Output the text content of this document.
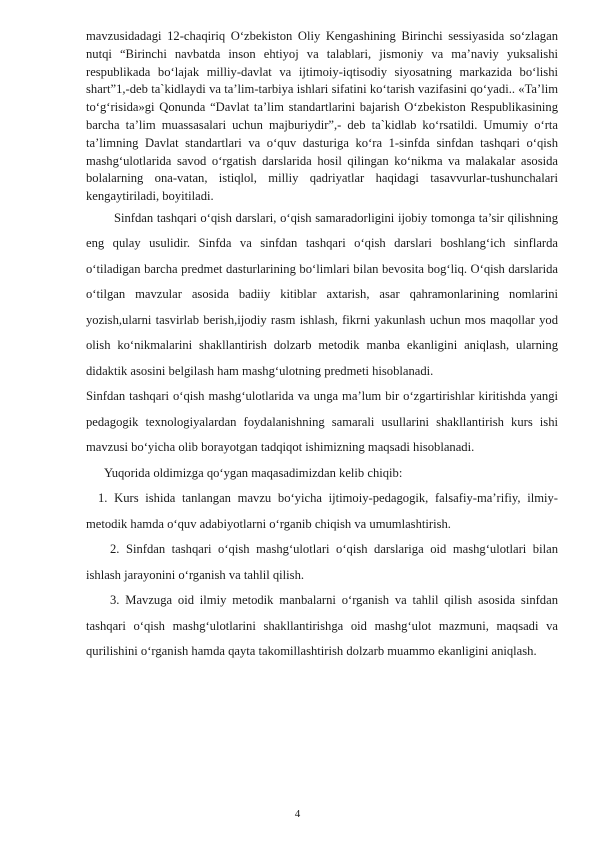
mavzusidadagi 12-chaqiriq O‘zbekiston Oliy Kengashining Birinchi sessiyasida so‘zlagan nutqi “Birinchi navbatda inson ehtiyoj va talablari, jismoniy va ma’naviy yuksalishi respublikada bo‘lajak milliy-davlat va ijtimoiy-iqtisodiy siyosatning markazida bo‘lishi shart”1,-deb ta`kidlaydi va ta’lim-tarbiya ishlari sifatini ko‘tarish vazifasini qo‘yadi.. «Ta’lim to‘g‘risida»gi Qonunda “Davlat ta’lim standartlarini bajarish O‘zbekiston Respublikasining barcha ta’lim muassasalari uchun majburiydir”,- deb ta`kidlab ko‘rsatildi. Umumiy o‘rta ta’limning Davlat standartlari va o‘quv dasturiga ko‘ra 1-sinfda sinfdan tashqari o‘qish mashg‘ulotlarida savod o‘rgatish darslarida hosil qilingan ko‘nikma va malakalar asosida bolalarning ona-vatan, istiqlol, milliy qadriyatlar haqidagi tasavvurlar-tushunchalari kengaytiriladi, boyitiladi.

Sinfdan tashqari o‘qish darslari, o‘qish samaradorligini ijobiy tomonga ta’sir qilishning eng qulay usulidir. Sinfda va sinfdan tashqari o‘qish darslari boshlang‘ich sinflarda o‘tiladigan barcha predmet dasturlarining bo‘limlari bilan bevosita bog‘liq. O‘qish darslarida o‘tilgan mavzular asosida badiiy kitiblar axtarish, asar qahramonlarining nomlarini yozish,ularni tasvirlab berish,ijodiy rasm ishlash, fikrni yakunlash uchun mos maqollar yod olish ko‘nikmalarini shakllantirish dolzarb metodik manba ekanligini aniqlash, ularning didaktik asosini belgilash ham mashg‘ulotning predmeti hisoblanadi.

Sinfdan tashqari o‘qish mashg‘ulotlarida va unga ma’lum bir o‘zgartirishlar kiritishda yangi pedagogik texnologiyalardan foydalanishning samarali usullarini shakllantirish kurs ishi mavzusi bo‘yicha olib borayotgan tadqiqot ishimizning maqsadi hisoblanadi.

Yuqorida oldimizga qo‘ygan maqasadimizdan kelib chiqib:

1. Kurs ishida tanlangan mavzu bo‘yicha ijtimoiy-pedagogik, falsafiy-ma’rifiy, ilmiy-metodik hamda o‘quv adabiyotlarni o‘rganib chiqish va umumlashtirish.

2. Sinfdan tashqari o‘qish mashg‘ulotlari o‘qish darslariga oid mashg‘ulotlari bilan ishlash jarayonini o‘rganish va tahlil qilish.

3. Mavzuga oid ilmiy metodik manbalarni o‘rganish va tahlil qilish asosida sinfdan tashqari o‘qish mashg‘ulotlarini shakllantirishga oid mashg‘ulot mazmuni, maqsadi va qurilishini o‘rganish hamda qayta takomillashtirish dolzarb muammo ekanligini aniqlash.

4
